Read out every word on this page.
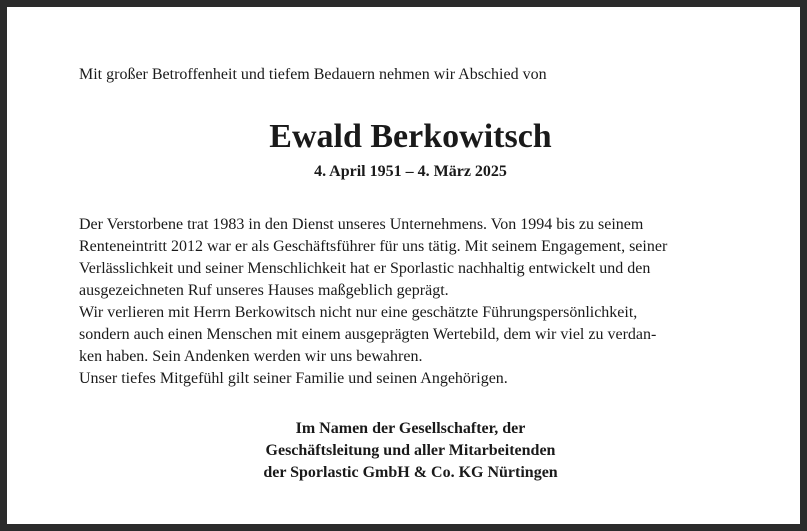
Mit großer Betroffenheit und tiefem Bedauern nehmen wir Abschied von
Ewald Berkowitsch
4. April 1951 – 4. März 2025
Der Verstorbene trat 1983 in den Dienst unseres Unternehmens. Von 1994 bis zu seinem
Renteneintritt 2012 war er als Geschäftsführer für uns tätig. Mit seinem Engagement, seiner
Verlässlichkeit und seiner Menschlichkeit hat er Sporlastic nachhaltig entwickelt und den
ausgezeichneten Ruf unseres Hauses maßgeblich geprägt.
Wir verlieren mit Herrn Berkowitsch nicht nur eine geschätzte Führungspersönlichkeit,
sondern auch einen Menschen mit einem ausgeprägten Wertebild, dem wir viel zu verdan-
ken haben. Sein Andenken werden wir uns bewahren.
Unser tiefes Mitgefühl gilt seiner Familie und seinen Angehörigen.
Im Namen der Gesellschafter, der
Geschäftsleitung und aller Mitarbeitenden
der Sporlastic GmbH & Co. KG Nürtingen
